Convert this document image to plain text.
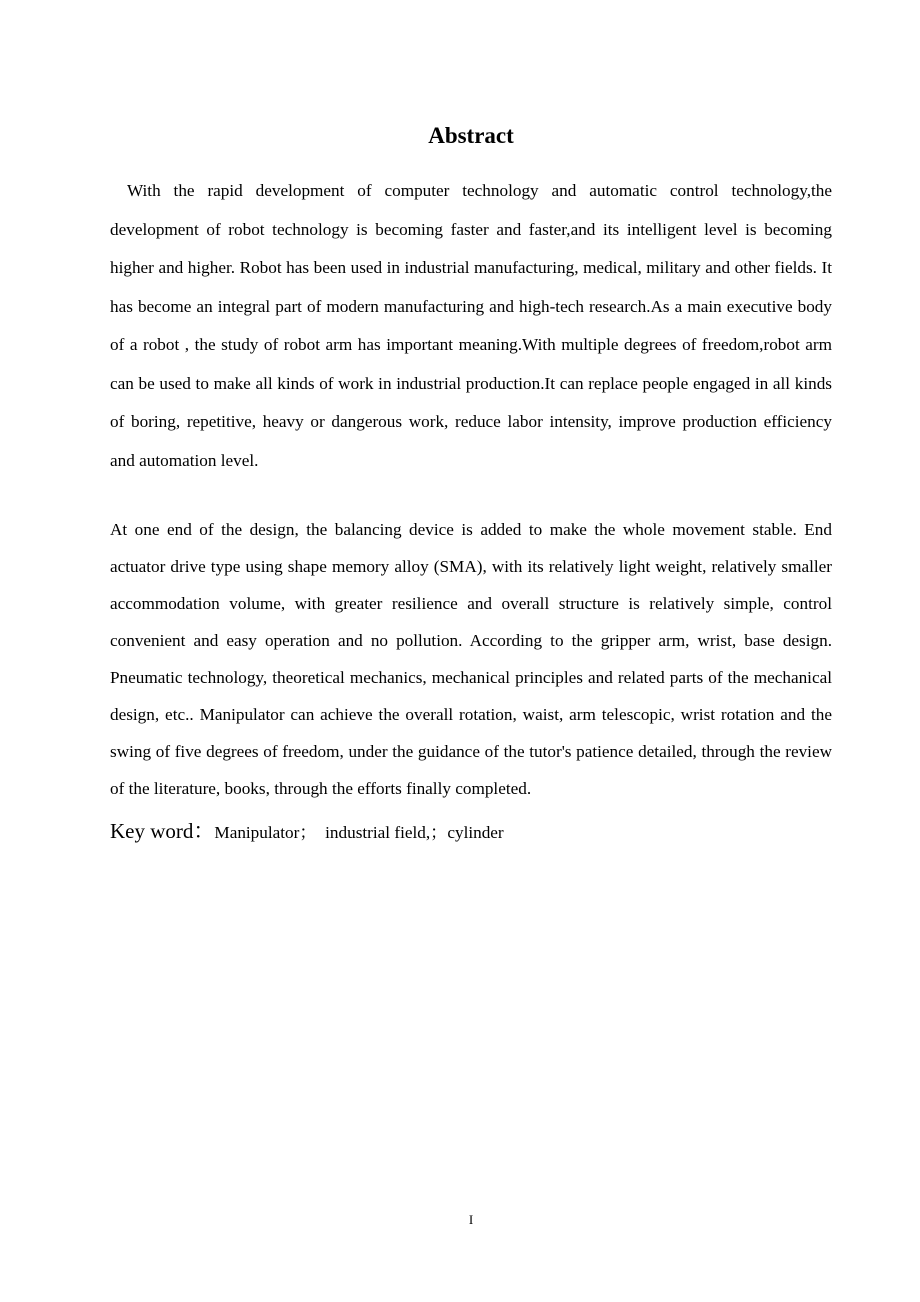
Abstract

With the rapid development of computer technology and automatic control technology,the development of robot technology is becoming faster and faster,and its intelligent level is becoming higher and higher. Robot has been used in industrial manufacturing, medical, military and other fields. It has become an integral part of modern manufacturing and high-tech research.As a main executive body of a robot , the study of robot arm has important meaning.With multiple degrees of freedom,robot arm can be used to make all kinds of work in industrial production.It can replace people engaged in all kinds of boring, repetitive, heavy or dangerous work, reduce labor intensity, improve production efficiency and automation level.

At one end of the design, the balancing device is added to make the whole movement stable. End actuator drive type using shape memory alloy (SMA), with its relatively light weight, relatively smaller accommodation volume, with greater resilience and overall structure is relatively simple, control convenient and easy operation and no pollution. According to the gripper arm, wrist, base design. Pneumatic technology, theoretical mechanics, mechanical principles and related parts of the mechanical design, etc.. Manipulator can achieve the overall rotation, waist, arm telescopic, wrist rotation and the swing of five degrees of freedom, under the guidance of the tutor's patience detailed, through the review of the literature, books, through the efforts finally completed.

Key word：Manipulator；　industrial field,；cylinder

I
